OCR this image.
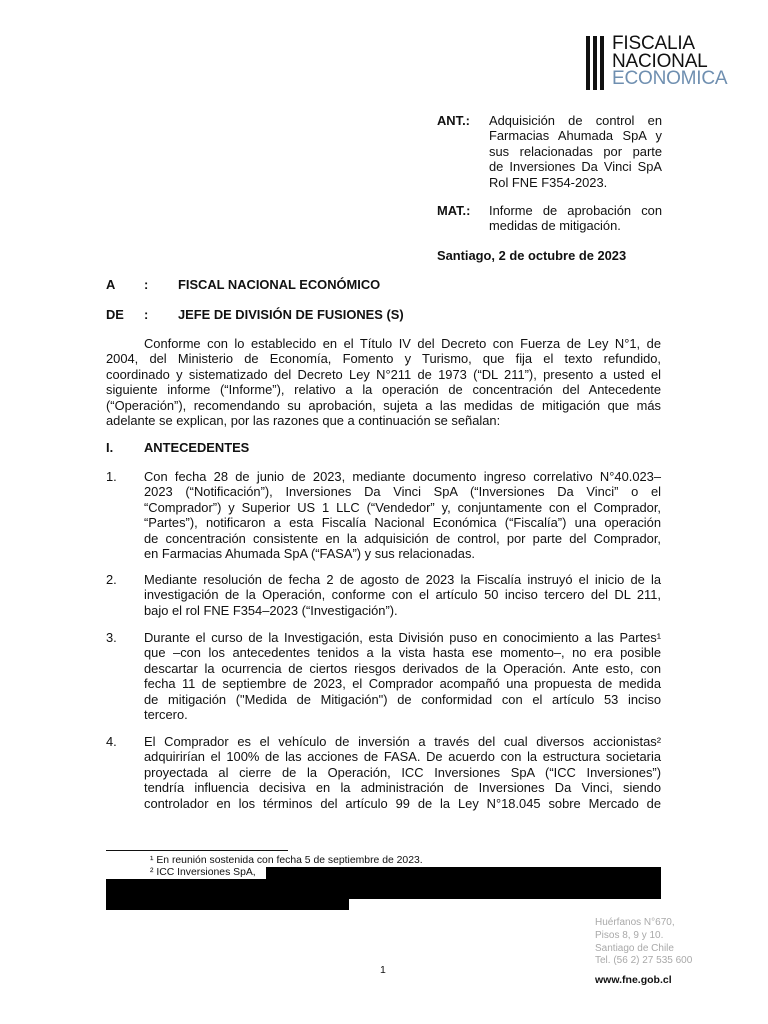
FISCALIA
NACIONAL
ECONOMICA
ANT.: Adquisición de control en
Farmacias Ahumada SpA y
sus relacionadas por parte
de Inversiones Da Vinci SpA
Rol FNE F354-2023.
MAT.: Informe de aprobación con
medidas de mitigación.
Santiago, 2 de octubre de 2023
A : FISCAL NACIONAL ECONÓMICO
DE : JEFE DE DIVISIÓN DE FUSIONES (S)
Conforme con lo establecido en el Título IV del Decreto con Fuerza de Ley N°1, de
2004, del Ministerio de Economía, Fomento y Turismo, que fija el texto refundido,
coordinado y sistematizado del Decreto Ley N°211 de 1973 (“DL 211”), presento a usted el
siguiente informe (“Informe”), relativo a la operación de concentración del Antecedente
(“Operación”), recomendando su aprobación, sujeta a las medidas de mitigación que más
adelante se explican, por las razones que a continuación se señalan:
I. ANTECEDENTES
1. Con fecha 28 de junio de 2023, mediante documento ingreso correlativo N°40.023–
2023 (“Notificación”), Inversiones Da Vinci SpA (“Inversiones Da Vinci” o el
“Comprador”) y Superior US 1 LLC (“Vendedor” y, conjuntamente con el Comprador,
“Partes”), notificaron a esta Fiscalía Nacional Económica (“Fiscalía”) una operación
de concentración consistente en la adquisición de control, por parte del Comprador,
en Farmacias Ahumada SpA (“FASA”) y sus relacionadas.
2. Mediante resolución de fecha 2 de agosto de 2023 la Fiscalía instruyó el inicio de la
investigación de la Operación, conforme con el artículo 50 inciso tercero del DL 211,
bajo el rol FNE F354–2023 (“Investigación”).
3. Durante el curso de la Investigación, esta División puso en conocimiento a las Partes¹
que –con los antecedentes tenidos a la vista hasta ese momento–, no era posible
descartar la ocurrencia de ciertos riesgos derivados de la Operación. Ante esto, con
fecha 11 de septiembre de 2023, el Comprador acompañó una propuesta de medida
de mitigación ("Medida de Mitigación") de conformidad con el artículo 53 inciso
tercero.
4. El Comprador es el vehículo de inversión a través del cual diversos accionistas²
adquirirían el 100% de las acciones de FASA. De acuerdo con la estructura societaria
proyectada al cierre de la Operación, ICC Inversiones SpA (“ICC Inversiones”)
tendría influencia decisiva en la administración de Inversiones Da Vinci, siendo
controlador en los términos del artículo 99 de la Ley N°18.045 sobre Mercado de
¹ En reunión sostenida con fecha 5 de septiembre de 2023.
² ICC Inversiones SpA,
1
Huérfanos N°670,
Pisos 8, 9 y 10.
Santiago de Chile
Tel. (56 2) 27 535 600
www.fne.gob.cl
